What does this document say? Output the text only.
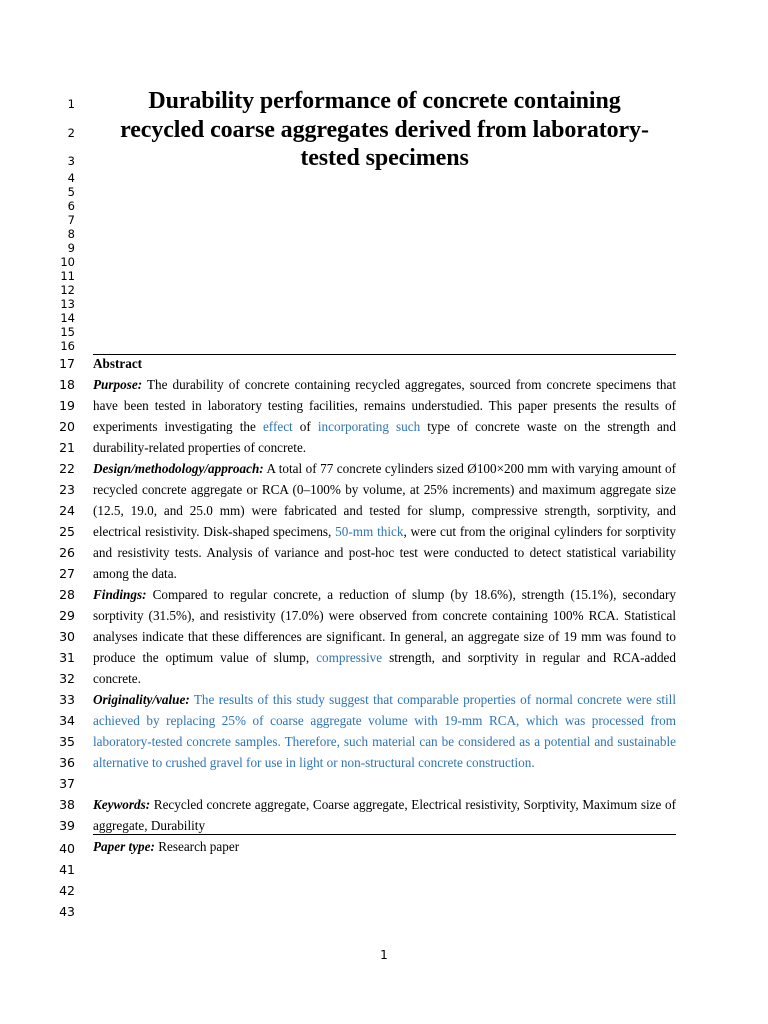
Durability performance of concrete containing
recycled coarse aggregates derived from laboratory-
tested specimens
1
2
3
4
5
6
7
8
9
10
11
12
13
14
15
16
17
18
19
20
21
22
23
24
25
26
27
28
29
30
31
32
33
34
35
36
37
38
39
40
41
42
43

Abstract

Purpose: The durability of concrete containing recycled aggregates, sourced from concrete specimens that have been tested in laboratory testing facilities, remains understudied. This paper presents the results of experiments investigating the effect of incorporating such type of concrete waste on the strength and durability-related properties of concrete.

Design/methodology/approach: A total of 77 concrete cylinders sized Ø100×200 mm with varying amount of recycled concrete aggregate or RCA (0–100% by volume, at 25% increments) and maximum aggregate size (12.5, 19.0, and 25.0 mm) were fabricated and tested for slump, compressive strength, sorptivity, and electrical resistivity. Disk-shaped specimens, 50-mm thick, were cut from the original cylinders for sorptivity and resistivity tests. Analysis of variance and post-hoc test were conducted to detect statistical variability among the data.

Findings: Compared to regular concrete, a reduction of slump (by 18.6%), strength (15.1%), secondary sorptivity (31.5%), and resistivity (17.0%) were observed from concrete containing 100% RCA. Statistical analyses indicate that these differences are significant. In general, an aggregate size of 19 mm was found to produce the optimum value of slump, compressive strength, and sorptivity in regular and RCA-added concrete.

Originality/value: The results of this study suggest that comparable properties of normal concrete were still achieved by replacing 25% of coarse aggregate volume with 19-mm RCA, which was processed from laboratory-tested concrete samples. Therefore, such material can be considered as a potential and sustainable alternative to crushed gravel for use in light or non-structural concrete construction.

Keywords: Recycled concrete aggregate, Coarse aggregate, Electrical resistivity, Sorptivity, Maximum size of aggregate, Durability

Paper type: Research paper

1
